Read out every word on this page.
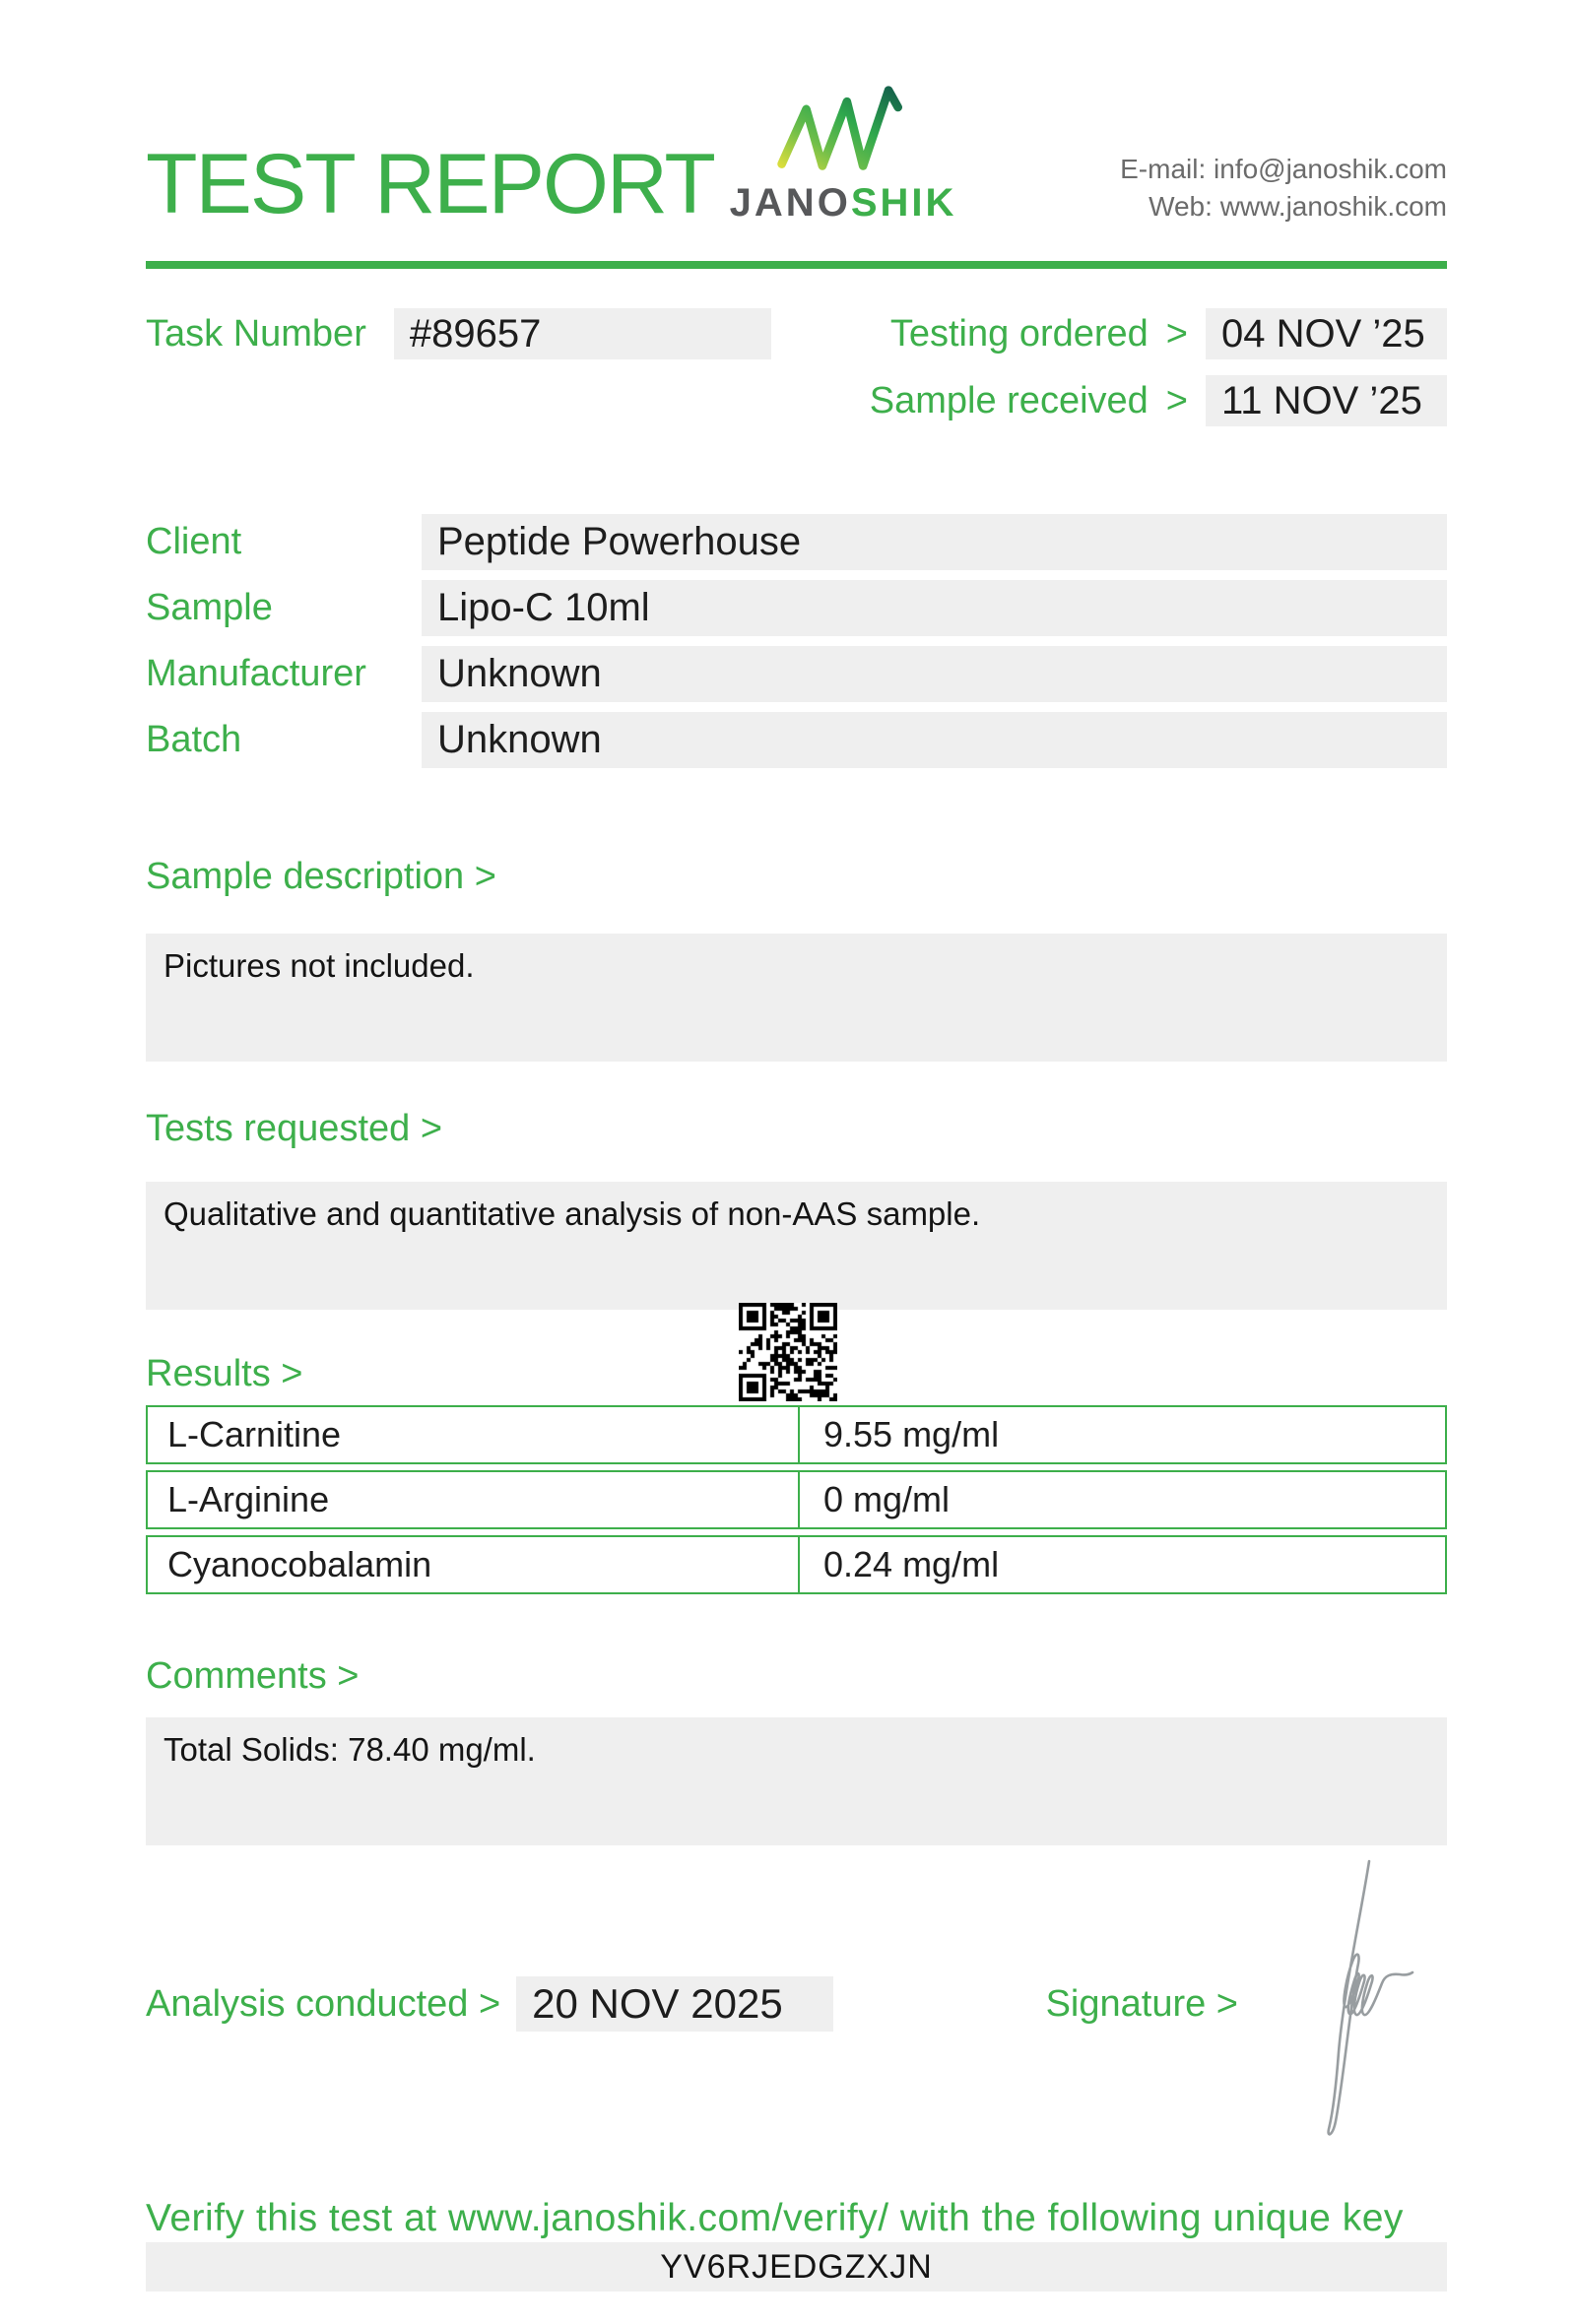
TEST REPORT JANOSHIK
E-mail: info@janoshik.com
Web: www.janoshik.com
Task Number	#89657	Testing ordered > 04 NOV ’25
Sample received > 11 NOV ’25
Client	Peptide Powerhouse
Sample	Lipo-C 10ml
Manufacturer	Unknown
Batch	Unknown
Sample description >
Pictures not included.
Tests requested >
Qualitative and quantitative analysis of non-AAS sample.
Results >
L-Carnitine	9.55 mg/ml
L-Arginine	0 mg/ml
Cyanocobalamin	0.24 mg/ml
Comments >
Total Solids: 78.40 mg/ml.
Analysis conducted > 20 NOV 2025	Signature >
Verify this test at www.janoshik.com/verify/ with the following unique key
YV6RJEDGZXJN
